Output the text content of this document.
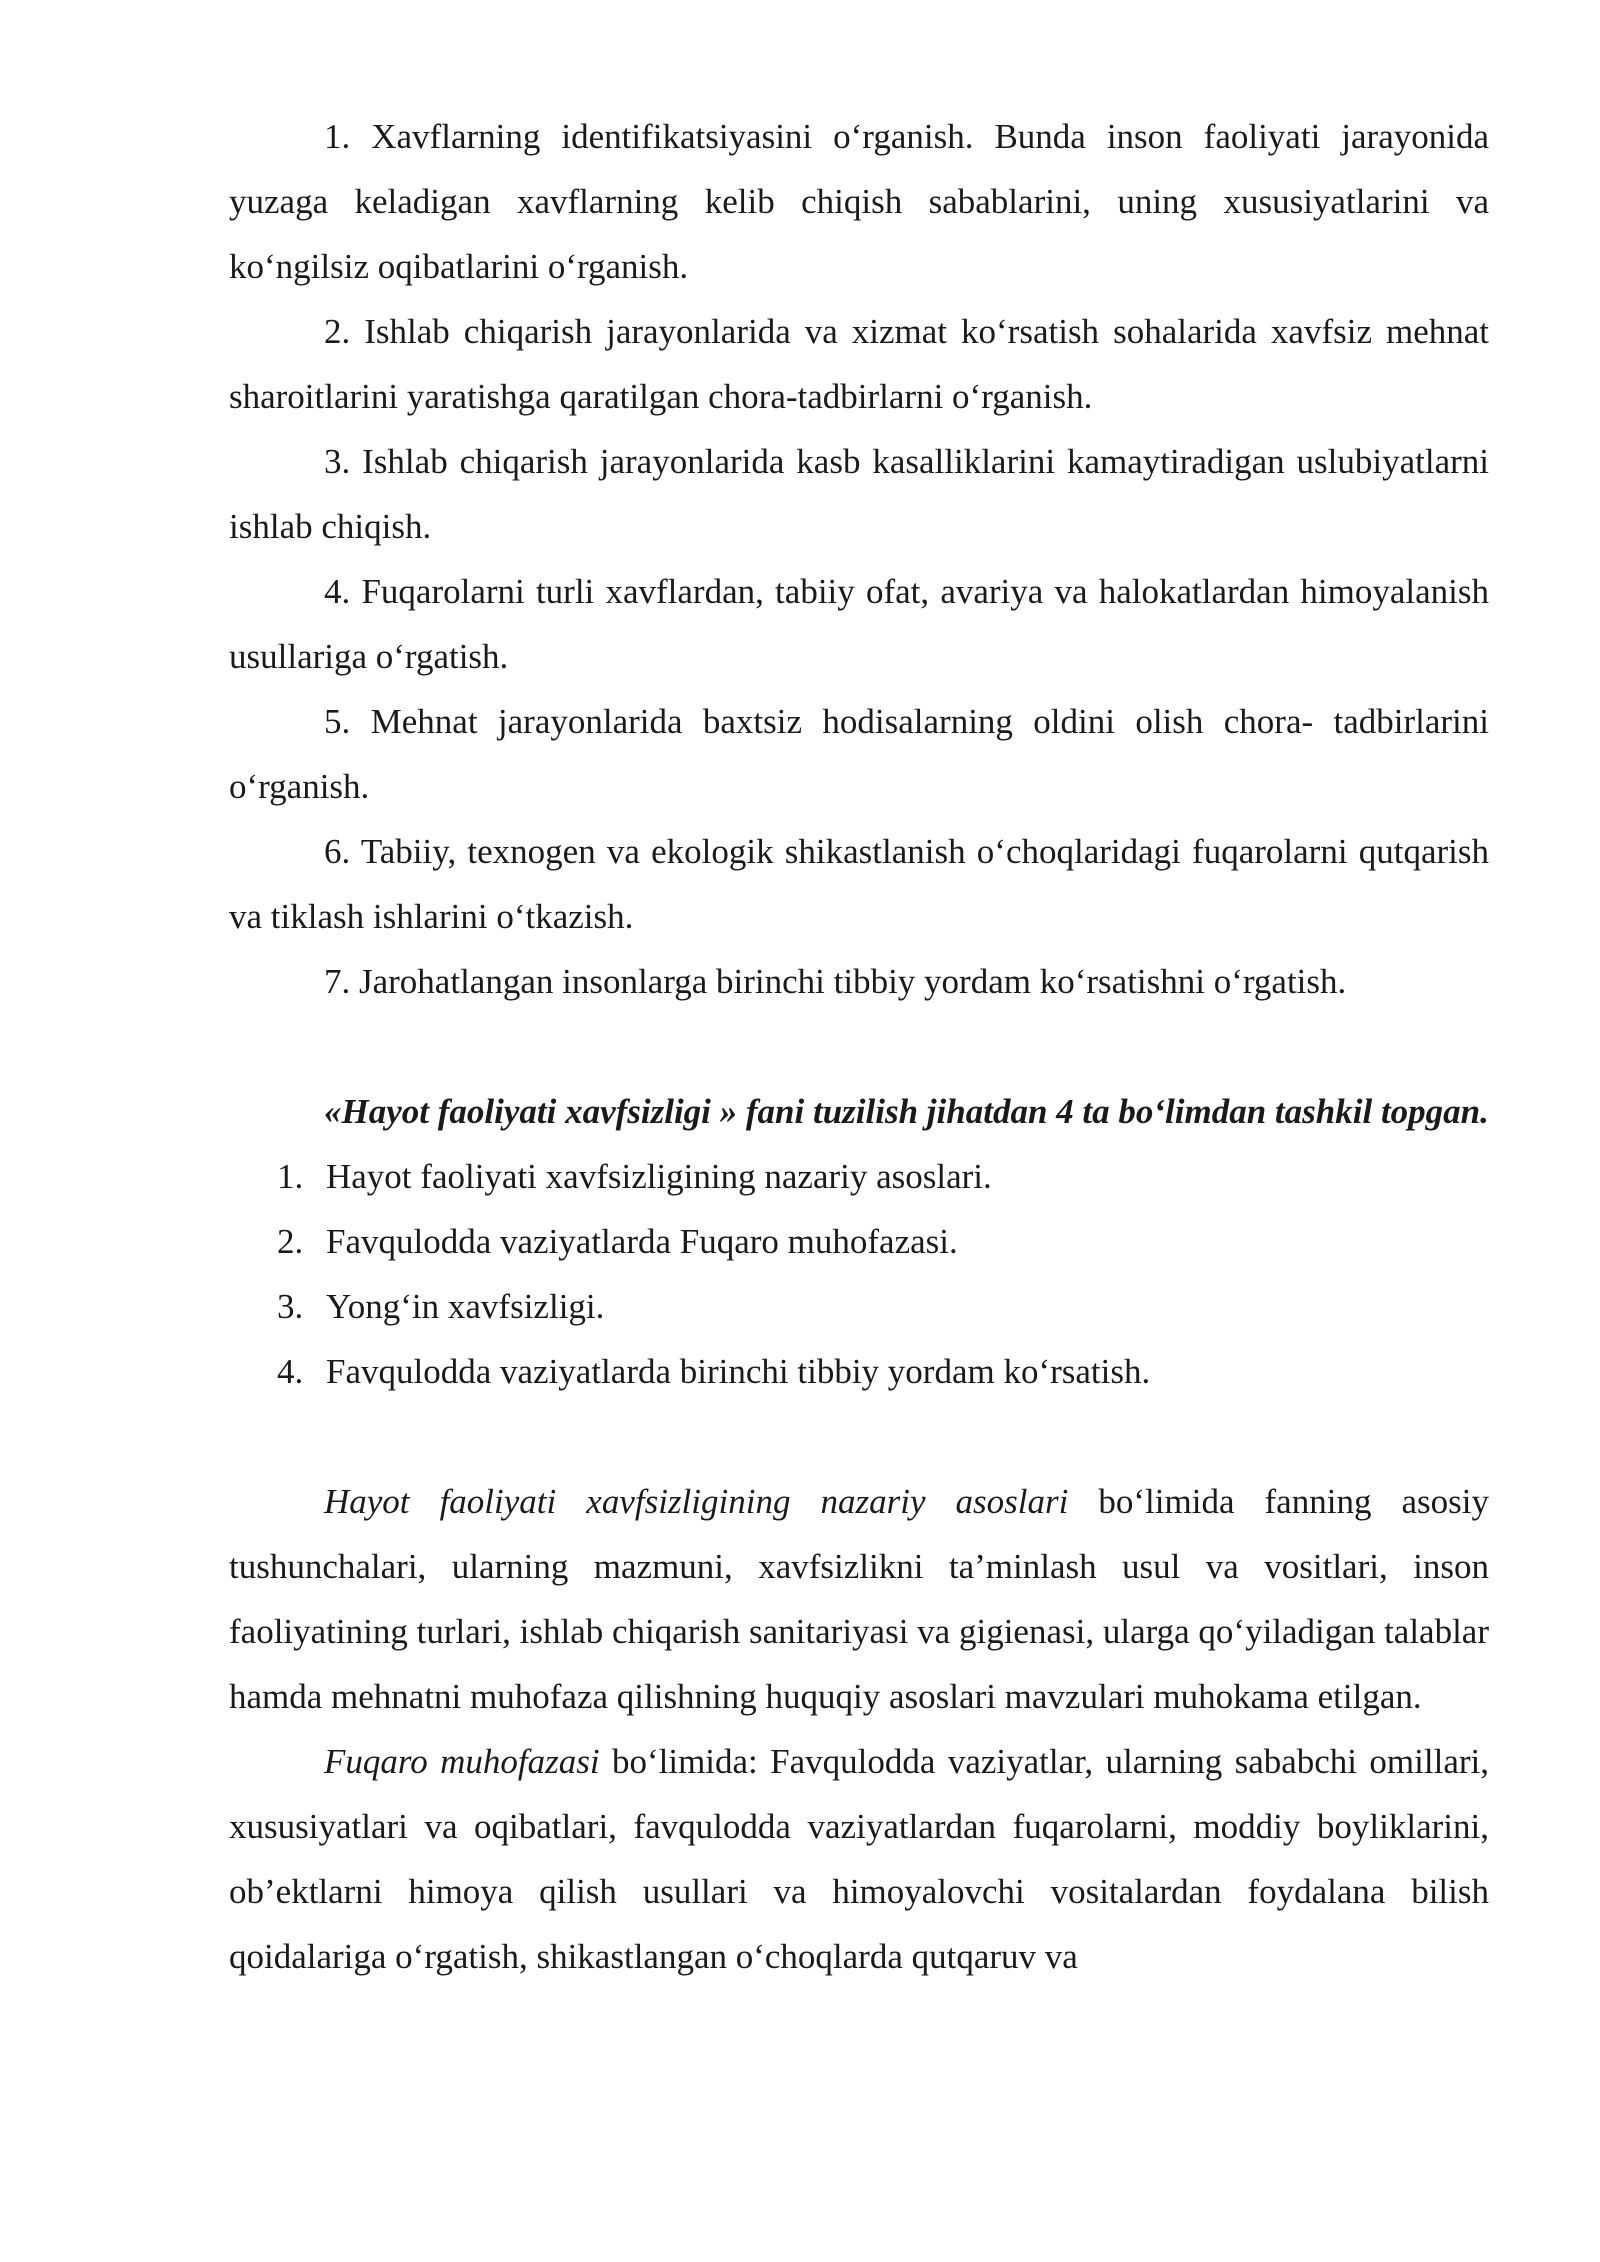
1. Xavflarning identifikatsiyasini o‘rganish. Bunda inson faoliyati jarayonida yuzaga keladigan xavflarning kelib chiqish sabablarini, uning xususiyatlarini va ko‘ngilsiz oqibatlarini o‘rganish.

2. Ishlab chiqarish jarayonlarida va xizmat ko‘rsatish sohalarida xavfsiz mehnat sharoitlarini yaratishga qaratilgan chora-tadbirlarni o‘rganish.

3. Ishlab chiqarish jarayonlarida kasb kasalliklarini kamaytiradigan uslubiyatlarni ishlab chiqish.

4. Fuqarolarni turli xavflardan, tabiiy ofat, avariya va halokatlardan himoyalanish usullariga o‘rgatish.

5. Mehnat jarayonlarida baxtsiz hodisalarning oldini olish chora- tadbirlarini o‘rganish.

6. Tabiiy, texnogen va ekologik shikastlanish o‘choqlaridagi fuqarolarni qutqarish va tiklash ishlarini o‘tkazish.

7. Jarohatlangan insonlarga birinchi tibbiy yordam ko‘rsatishni o‘rgatish.

«Hayot faoliyati xavfsizligi » fani tuzilish jihatdan 4 ta bo‘limdan tashkil topgan.

1. Hayot faoliyati xavfsizligining nazariy asoslari.
2. Favqulodda vaziyatlarda Fuqaro muhofazasi.
3. Yong‘in xavfsizligi.
4. Favqulodda vaziyatlarda birinchi tibbiy yordam ko‘rsatish.

Hayot faoliyati xavfsizligining nazariy asoslari bo‘limida fanning asosiy tushunchalari, ularning mazmuni, xavfsizlikni ta’minlash usul va vositlari, inson faoliyatining turlari, ishlab chiqarish sanitariyasi va gigienasi, ularga qo‘yiladigan talablar hamda mehnatni muhofaza qilishning huquqiy asoslari mavzulari muhokama etilgan.

Fuqaro muhofazasi bo‘limida: Favqulodda vaziyatlar, ularning sababchi omillari, xususiyatlari va oqibatlari, favqulodda vaziyatlardan fuqarolarni, moddiy boyliklarini, ob’ektlarni himoya qilish usullari va himoyalovchi vositalardan foydalana bilish qoidalariga o‘rgatish, shikastlangan o‘choqlarda qutqaruv va
